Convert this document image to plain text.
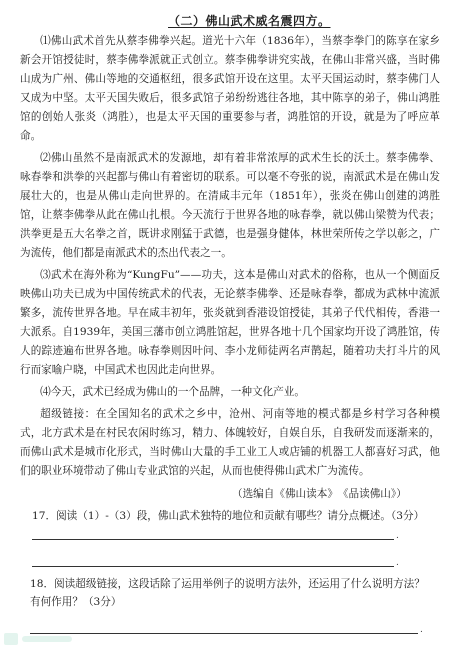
（二）佛山武术威名震四方。

⑴佛山武术首先从蔡李佛拳兴起。道光十六年（1836年），当蔡李拳门的陈享在家乡新会开馆授徒时，蔡李佛拳派就正式创立。蔡李佛拳讲究实战，在佛山非常兴盛，当时佛山成为广州、佛山等地的交通枢纽，很多武馆开设在这里。太平天国运动时，蔡李佛门人又成为中坚。太平天国失败后，很多武馆子弟纷纷逃往各地，其中陈享的弟子，佛山鸿胜馆的创始人张炎（鸿胜），也是太平天国的重要参与者，鸿胜馆的开设，就是为了呼应革命。

⑵佛山虽然不是南派武术的发源地，却有着非常浓厚的武术生长的沃土。蔡李佛拳、咏春拳和洪拳的兴起都与佛山有着密切的联系。可以毫不夸张的说，南派武术是在佛山发展壮大的，也是从佛山走向世界的。在清咸丰元年（1851年），张炎在佛山创建的鸿胜馆，让蔡李佛拳从此在佛山扎根。今天流行于世界各地的咏春拳，就以佛山梁赞为代表；洪拳更是五大名拳之首，既讲求刚猛于武德，也是强身健体，林世荣所传之学以彰之，广为流传，他们都是南派武术的杰出代表之一。

⑶武术在海外称为“KungFu”——功夫，这本是佛山对武术的俗称，也从一个侧面反映佛山功夫已成为中国传统武术的代表，无论蔡李佛拳、还是咏春拳，都成为武林中流派繁多，流传世界各地。早在咸丰初年，张炎就到香港设馆授徒，其弟子代代相传，香港一大派系。自1939年，美国三藩市创立鸿胜馆起，世界各地十几个国家均开设了鸿胜馆，传人的踪迹遍布世界各地。咏春拳则因叶问、李小龙师徒两名声鹊起，随着功夫打斗片的风行而家喻户晓，中国武术也因此走向世界。

⑷今天，武术已经成为佛山的一个品牌，一种文化产业。

超级链接：在全国知名的武术之乡中，沧州、河南等地的模式都是乡村学习各种模式，北方武术是在村民农闲时练习，精力、体魄较好，自娱自乐，自我研发而逐渐来的，而佛山武术是城市化形式，当时佛山大量的手工业工人或店铺的机器工人都喜好习武，他们的职业环境带动了佛山专业武馆的兴起，从而也使得佛山武术广为流传。

（选编自《佛山读本》　《品读佛山》）
17．阅读（1）-（3）段，佛山武术独特的地位和贡献有哪些？请分点概述。（3分）
.
.
18．阅读超级链接，这段话除了运用举例子的说明方法外，还运用了什么说明方法？有何作用？（3分）
.
